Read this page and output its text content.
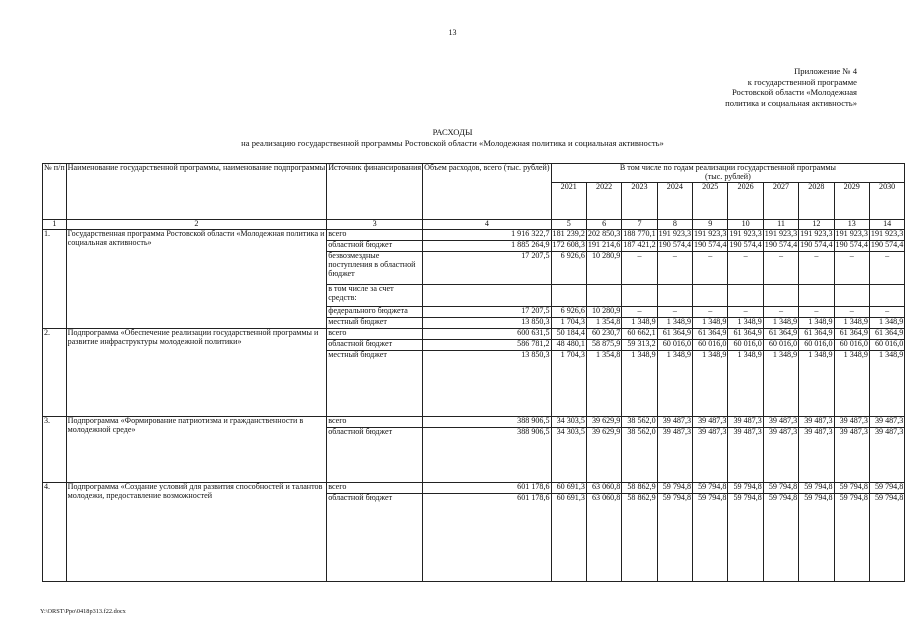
13
Приложение № 4
к государственной программе
Ростовской области «Молодежная
политика и социальная активность»
РАСХОДЫ
на реализацию государственной программы Ростовской области «Молодежная политика и социальная активность»
№ п/п	Наименование государственной программы, наименование подпрограммы	Источник финансирования	Объем расходов, всего (тыс. рублей)	В том числе по годам реализации государственной программы
(тыс. рублей)									

				2021	2022	2023	2024	2025	2026	2027	2028	2029	2030
1	2	3	4	5	6	7	8	9	10	11	12	13	14
1.	Государственная программа Ростовской области «Молодежная политика и социальная активность»	всего	1 916 322,7	181 239,2	202 850,3	188 770,1	191 923,3	191 923,3	191 923,3	191 923,3	191 923,3	191 923,3	191 923,3
		областной бюджет	1 885 264,9	172 608,3	191 214,6	187 421,2	190 574,4	190 574,4	190 574,4	190 574,4	190 574,4	190 574,4	190 574,4
		безвозмездные поступления в областной бюджет	17 207,5	6 926,6	10 280,9	–	–	–	–	–	–	–	–
		в том числе за счет средств:											
		федерального бюджета	17 207,5	6 926,6	10 280,9	–	–	–	–	–	–	–	–
		местный бюджет	13 850,3	1 704,3	1 354,8	1 348,9	1 348,9	1 348,9	1 348,9	1 348,9	1 348,9	1 348,9	1 348,9
2.	Подпрограмма «Обеспечение реализации государственной программы и развитие инфраструктуры молодежной политики»	всего	600 631,5	50 184,4	60 230,7	60 662,1	61 364,9	61 364,9	61 364,9	61 364,9	61 364,9	61 364,9	61 364,9
		областной бюджет	586 781,2	48 480,1	58 875,9	59 313,2	60 016,0	60 016,0	60 016,0	60 016,0	60 016,0	60 016,0	60 016,0
		местный бюджет	13 850,3	1 704,3	1 354,8	1 348,9	1 348,9	1 348,9	1 348,9	1 348,9	1 348,9	1 348,9	1 348,9
3.	Подпрограмма «Формирование патриотизма и гражданственности в молодежной среде»	всего	388 906,5	34 303,5	39 629,9	38 562,0	39 487,3	39 487,3	39 487,3	39 487,3	39 487,3	39 487,3	39 487,3
		областной бюджет	388 906,5	34 303,5	39 629,9	38 562,0	39 487,3	39 487,3	39 487,3	39 487,3	39 487,3	39 487,3	39 487,3
4.	Подпрограмма «Создание условий для развития способностей и талантов молодежи, предоставление возможностей	всего	601 178,6	60 691,3	63 060,8	58 862,9	59 794,8	59 794,8	59 794,8	59 794,8	59 794,8	59 794,8	59 794,8
		областной бюджет	601 178,6	60 691,3	63 060,8	58 862,9	59 794,8	59 794,8	59 794,8	59 794,8	59 794,8	59 794,8	59 794,8
Y:\ORST\Ppo\0418p313.f22.docx
